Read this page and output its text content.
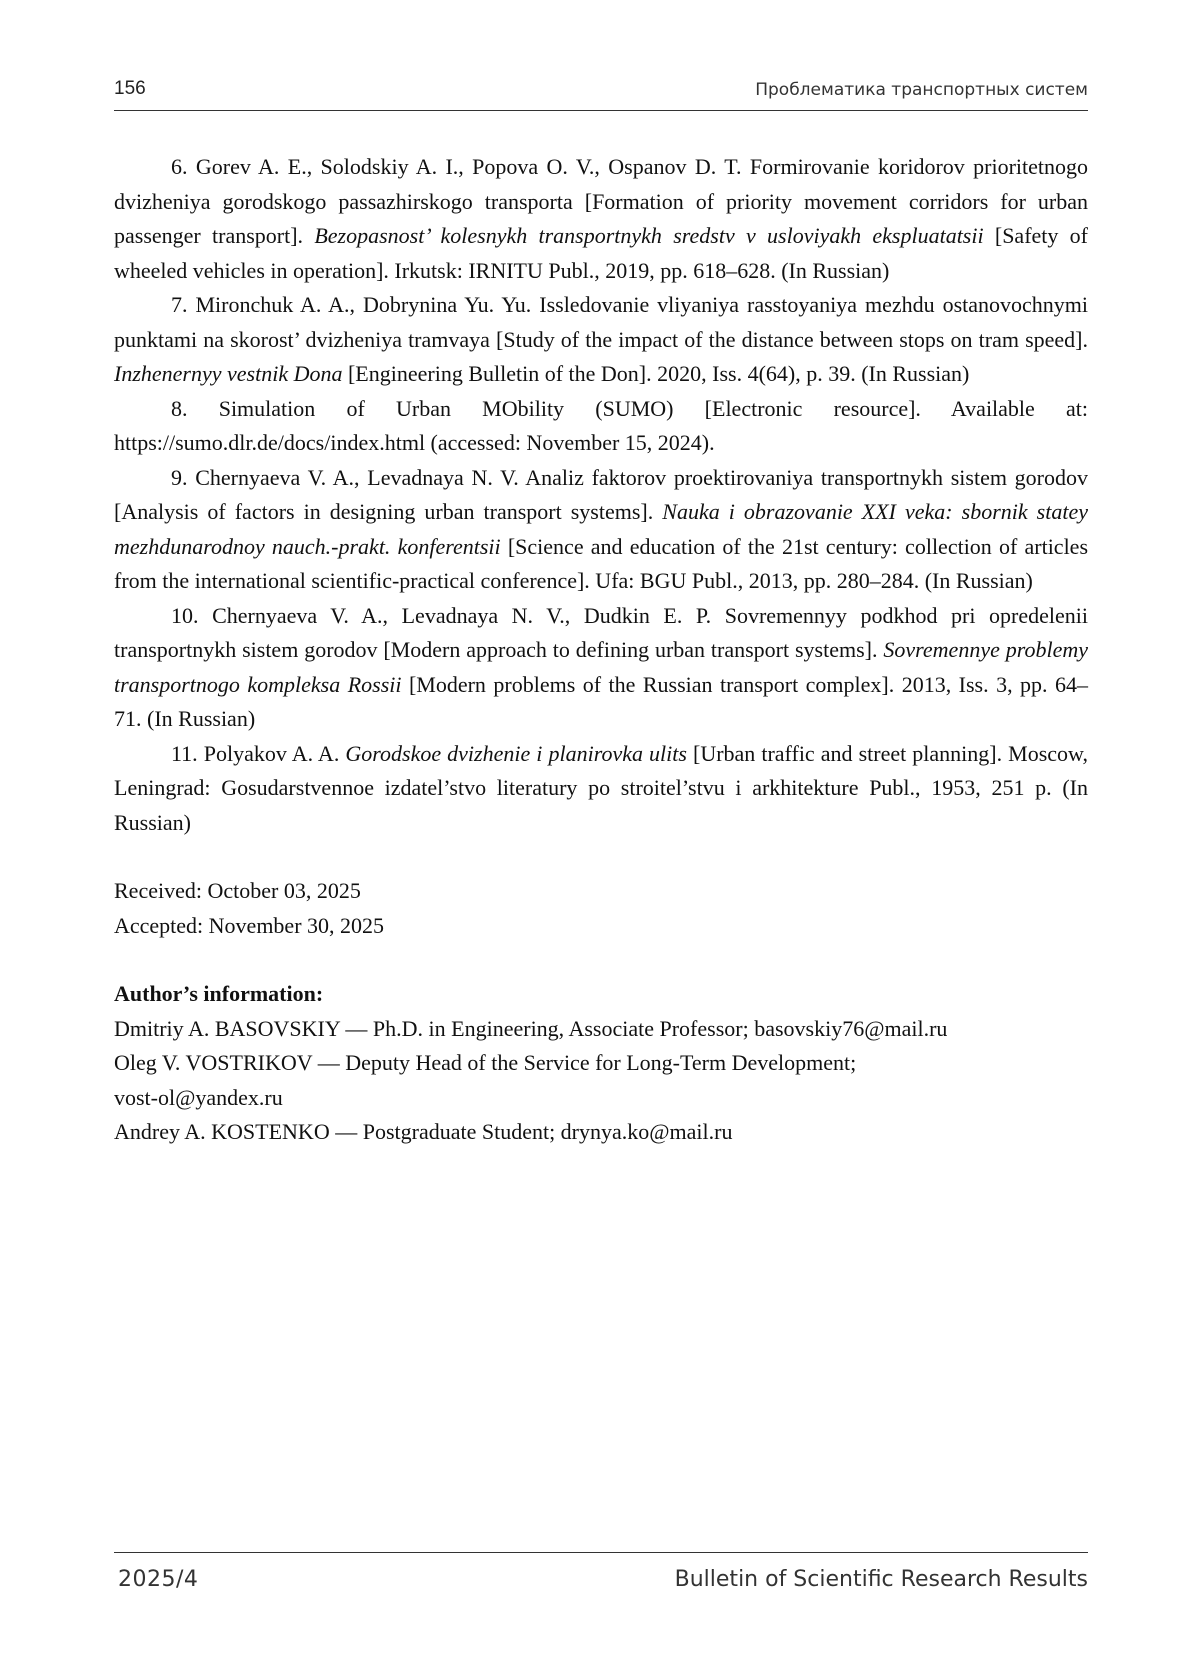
156	Проблематика транспортных систем

6. Gorev A. E., Solodskiy A. I., Popova O. V., Ospanov D. T. Formirovanie koridorov prioritetnogo dvizheniya gorodskogo passazhirskogo transporta [Formation of priority movement corridors for urban passenger transport]. Bezopasnost’ kolesnykh transportnykh sredstv v usloviyakh ekspluatatsii [Safety of wheeled vehicles in operation]. Irkutsk: IRNITU Publ., 2019, pp. 618–628. (In Russian)

7. Mironchuk A. A., Dobrynina Yu. Yu. Issledovanie vliyaniya rasstoyaniya mezhdu ostanovochnymi punktami na skorost’ dvizheniya tramvaya [Study of the impact of the distance between stops on tram speed]. Inzhenernyy vestnik Dona [Engineering Bulletin of the Don]. 2020, Iss. 4(64), p. 39. (In Russian)

8. Simulation of Urban MObility (SUMO) [Electronic resource]. Available at: https://sumo.dlr.de/docs/index.html (accessed: November 15, 2024).

9. Chernyaeva V. A., Levadnaya N. V. Analiz faktorov proektirovaniya transportnykh sistem gorodov [Analysis of factors in designing urban transport systems]. Nauka i obrazovanie XXI veka: sbornik statey mezhdunarodnoy nauch.-prakt. konferentsii [Science and education of the 21st century: collection of articles from the international scientific-practical conference]. Ufa: BGU Publ., 2013, pp. 280–284. (In Russian)

10. Chernyaeva V. A., Levadnaya N. V., Dudkin E. P. Sovremennyy podkhod pri opredelenii transportnykh sistem gorodov [Modern approach to defining urban transport systems]. Sovremennye problemy transportnogo kompleksa Rossii [Modern problems of the Russian transport complex]. 2013, Iss. 3, pp. 64–71. (In Russian)

11. Polyakov A. A. Gorodskoe dvizhenie i planirovka ulits [Urban traffic and street planning]. Moscow, Leningrad: Gosudarstvennoe izdatel’stvo literatury po stroitel’stvu i arkhitekture Publ., 1953, 251 p. (In Russian)

Received: October 03, 2025

Accepted: November 30, 2025

Author’s information:

Dmitriy A. BASOVSKIY — Ph.D. in Engineering, Associate Professor; basovskiy76@mail.ru

Oleg V. VOSTRIKOV — Deputy Head of the Service for Long-Term Development;

vost-ol@yandex.ru

Andrey A. KOSTENKO — Postgraduate Student; drynya.ko@mail.ru

2025/4	Bulletin of Scientific Research Results
